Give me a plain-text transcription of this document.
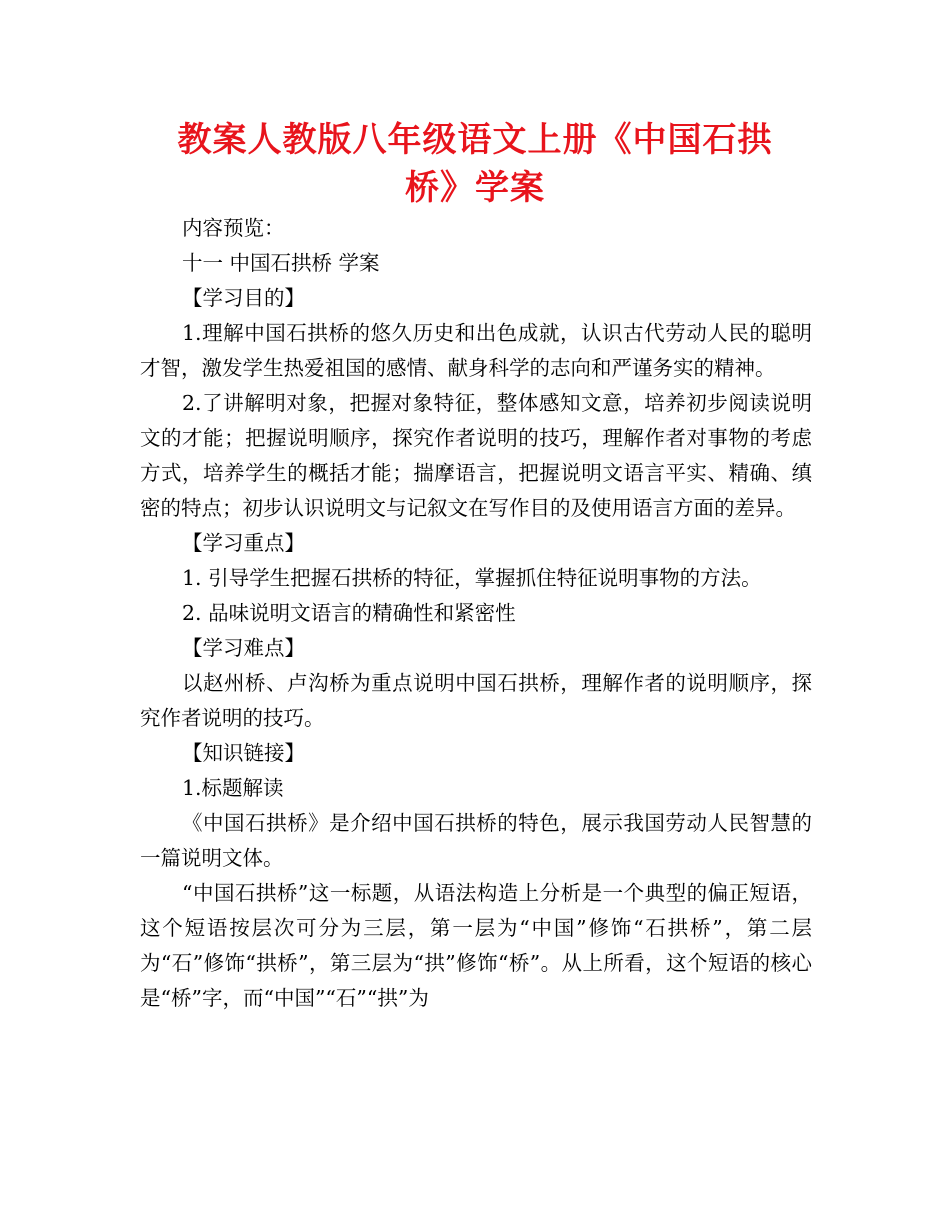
教案人教版八年级语文上册《中国石拱
桥》学案

内容预览：

十一 中国石拱桥 学案

【学习目的】

1.理解中国石拱桥的悠久历史和出色成就，认识古代劳动人民的聪明才智，激发学生热爱祖国的感情、献身科学的志向和严谨务实的精神。

2.了讲解明对象，把握对象特征，整体感知文意，培养初步阅读说明文的才能；把握说明顺序，探究作者说明的技巧，理解作者对事物的考虑方式，培养学生的概括才能；揣摩语言，把握说明文语言平实、精确、缜密的特点；初步认识说明文与记叙文在写作目的及使用语言方面的差异。

【学习重点】

1. 引导学生把握石拱桥的特征，掌握抓住特征说明事物的方法。

2. 品味说明文语言的精确性和紧密性

【学习难点】

以赵州桥、卢沟桥为重点说明中国石拱桥，理解作者的说明顺序，探究作者说明的技巧。

【知识链接】

1.标题解读

《中国石拱桥》是介绍中国石拱桥的特色，展示我国劳动人民智慧的一篇说明文体。

“中国石拱桥”这一标题，从语法构造上分析是一个典型的偏正短语，这个短语按层次可分为三层，第一层为“中国”修饰“石拱桥”，第二层为“石”修饰“拱桥”，第三层为“拱”修饰“桥”。从上所看，这个短语的核心是“桥”字，而“中国”“石”“拱”为
